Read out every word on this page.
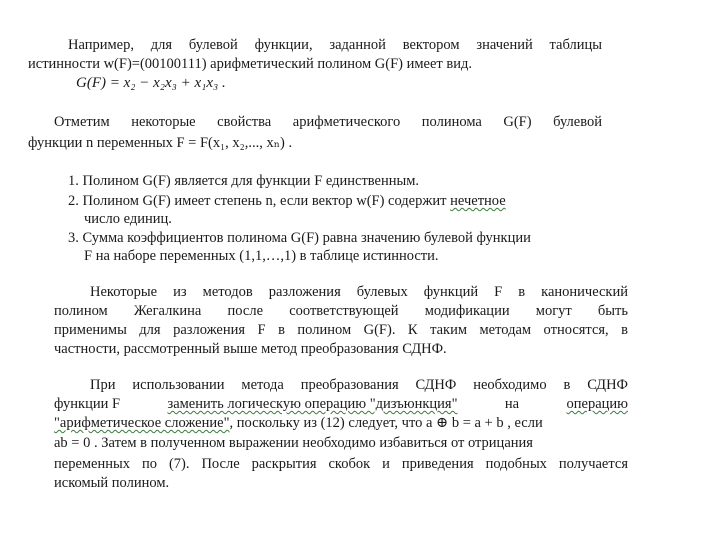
Например, для булевой функции, заданной вектором значений таблицы
истинности w(F)=(00100111) арифметический полином G(F) имеет вид.
G(F) = x₂ − x₂x₃ + x₁x₃ .
Отметим некоторые свойства арифметического полинома G(F) булевой
функции n переменных F = F(x₁, x₂,..., xₙ) .
1. Полином G(F) является для функции F единственным.
2. Полином G(F) имеет степень n, если вектор w(F) содержит нечетное
число единиц.
3. Сумма коэффициентов полинома G(F) равна значению булевой функции
F на наборе переменных (1,1,…,1) в таблице истинности.
Некоторые из методов разложения булевых функций F в канонический
полином Жегалкина после соответствующей модификации могут быть
применимы для разложения F в полином G(F). К таким методам относятся, в
частности, рассмотренный выше метод преобразования СДНФ.
При использовании метода преобразования СДНФ необходимо в СДНФ
функции F	заменить логическую операцию "дизъюнкция"	на	операцию
"арифметическое сложение", поскольку из (12) следует, что a ⊕ b = a + b , если
ab = 0 . Затем в полученном выражении необходимо избавиться от отрицания
переменных по (7). После раскрытия скобок и приведения подобных получается
искомый полином.
